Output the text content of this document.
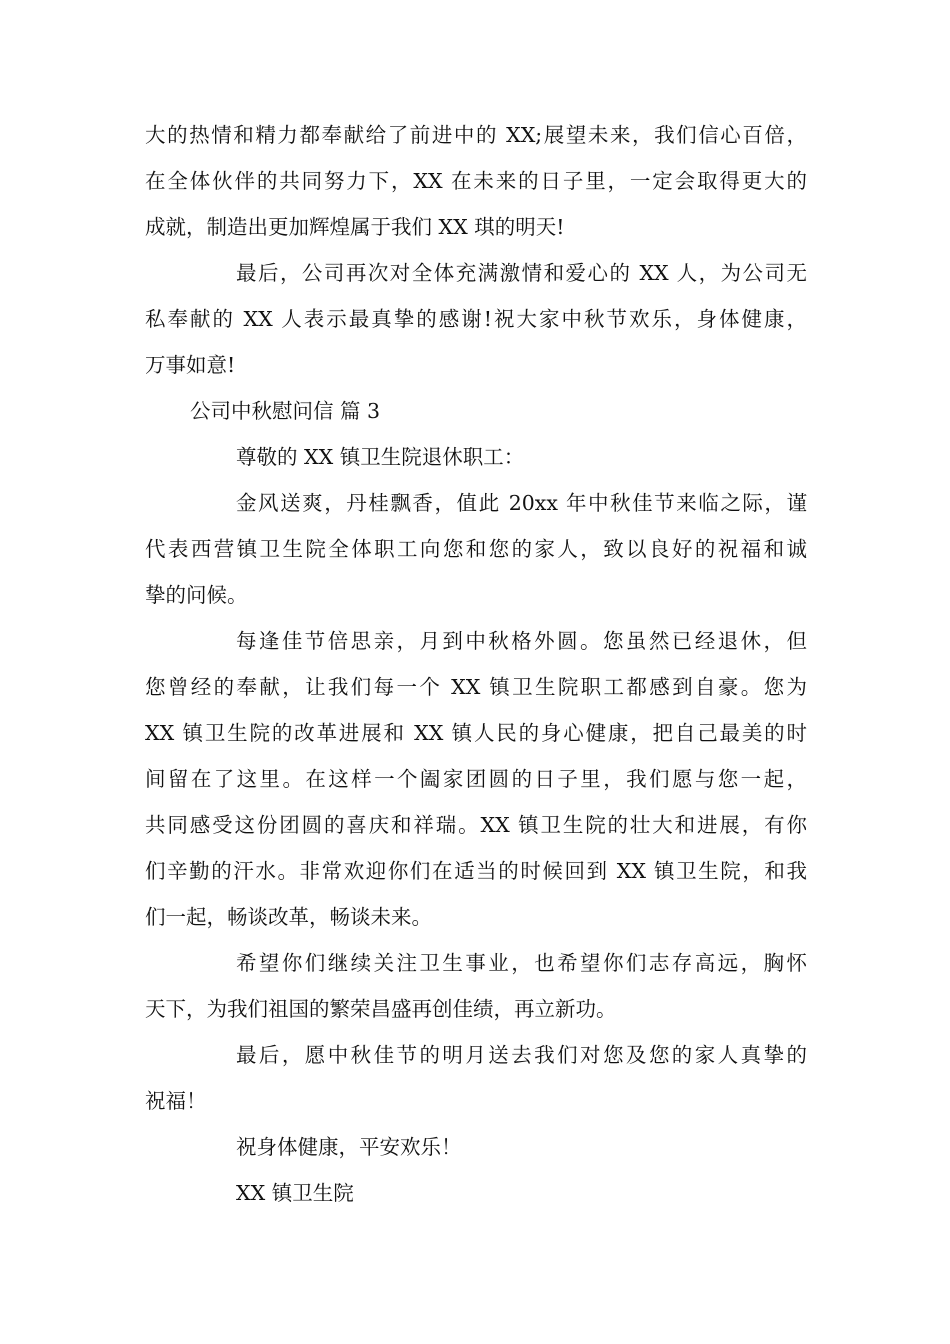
大的热情和精力都奉献给了前进中的 XX;展望未来，我们信心百倍，
在全体伙伴的共同努力下，XX 在未来的日子里，一定会取得更大的
成就，制造出更加辉煌属于我们 XX 琪的明天!
最后，公司再次对全体充满激情和爱心的 XX 人，为公司无
私奉献的 XX 人表示最真挚的感谢!祝大家中秋节欢乐，身体健康，
万事如意!
公司中秋慰问信 篇 3
尊敬的 XX 镇卫生院退休职工：
金风送爽，丹桂飘香，值此 20xx 年中秋佳节来临之际，谨
代表西营镇卫生院全体职工向您和您的家人，致以良好的祝福和诚
挚的问候。
每逢佳节倍思亲，月到中秋格外圆。您虽然已经退休，但
您曾经的奉献，让我们每一个 XX 镇卫生院职工都感到自豪。您为
XX 镇卫生院的改革进展和 XX 镇人民的身心健康，把自己最美的时
间留在了这里。在这样一个阖家团圆的日子里，我们愿与您一起，
共同感受这份团圆的喜庆和祥瑞。XX 镇卫生院的壮大和进展，有你
们辛勤的汗水。非常欢迎你们在适当的时候回到 XX 镇卫生院，和我
们一起，畅谈改革，畅谈未来。
希望你们继续关注卫生事业，也希望你们志存高远，胸怀
天下，为我们祖国的繁荣昌盛再创佳绩，再立新功。
最后，愿中秋佳节的明月送去我们对您及您的家人真挚的
祝福！
祝身体健康，平安欢乐！
XX 镇卫生院
